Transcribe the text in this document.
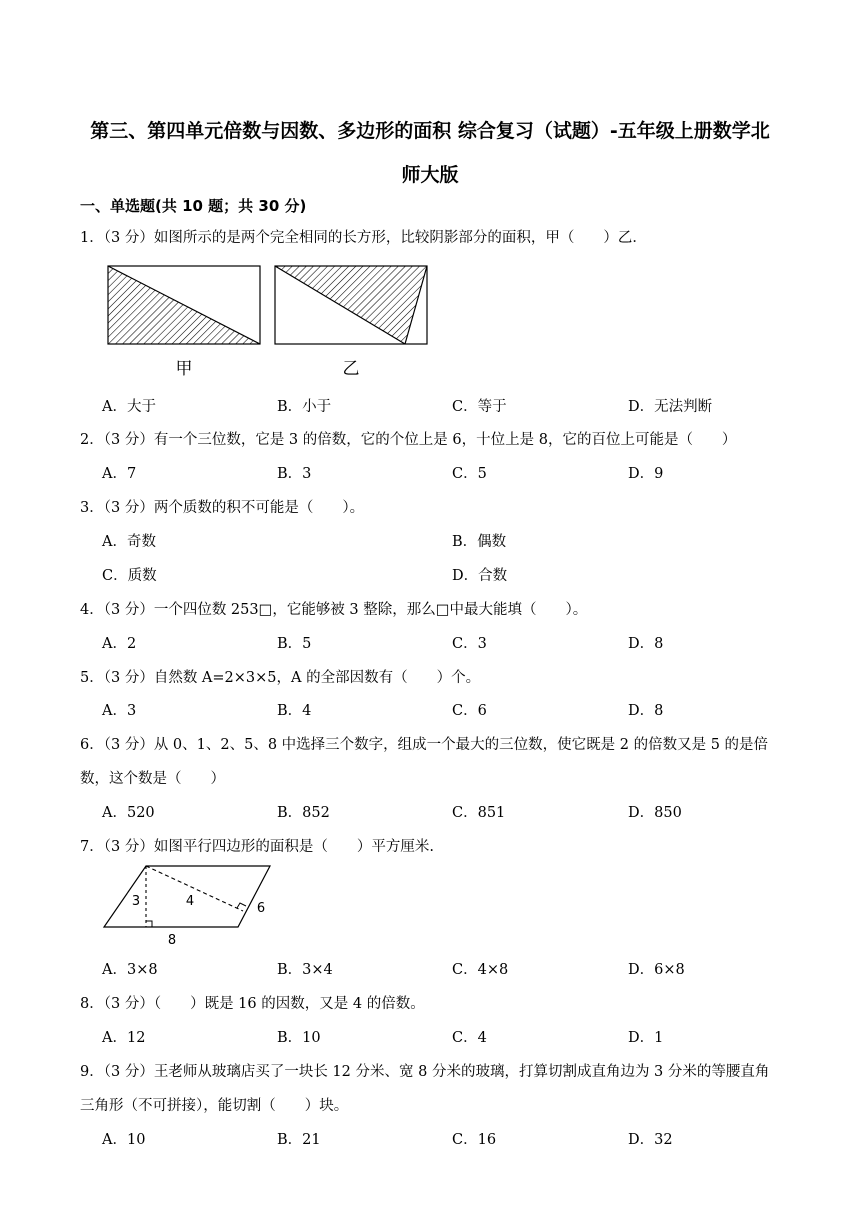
第三、第四单元倍数与因数、多边形的面积 综合复习（试题）-五年级上册数学北
师大版
一、单选题(共 10 题；共 30 分)
1．（3 分）如图所示的是两个完全相同的长方形，比较阴影部分的面积，甲（　　）乙．
甲	乙
A．大于	B．小于	C．等于	D．无法判断
2．（3 分）有一个三位数，它是 3 的倍数，它的个位上是 6，十位上是 8，它的百位上可能是（　　）
A．7	B．3	C．5	D．9
3．（3 分）两个质数的积不可能是（　　）。
A．奇数	B．偶数
C．质数	D．合数
4．（3 分）一个四位数 253□，它能够被 3 整除，那么□中最大能填（　　）。
A．2	B．5	C．3	D．8
5．（3 分）自然数 A=2×3×5，A 的全部因数有（　　）个。
A．3	B．4	C．6	D．8
6．（3 分）从 0、1、2、5、8 中选择三个数字，组成一个最大的三位数，使它既是 2 的倍数又是 5 的是倍
数，这个数是（　　）
A．520	B．852	C．851	D．850
7．（3 分）如图平行四边形的面积是（　　）平方厘米.
3	4	6
8
A．3×8	B．3×4	C．4×8	D．6×8
8．（3 分）（　　）既是 16 的因数，又是 4 的倍数。
A．12	B．10	C．4	D．1
9．（3 分）王老师从玻璃店买了一块长 12 分米、宽 8 分米的玻璃，打算切割成直角边为 3 分米的等腰直角
三角形（不可拼接），能切割（　　）块。
A．10	B．21	C．16	D．32
